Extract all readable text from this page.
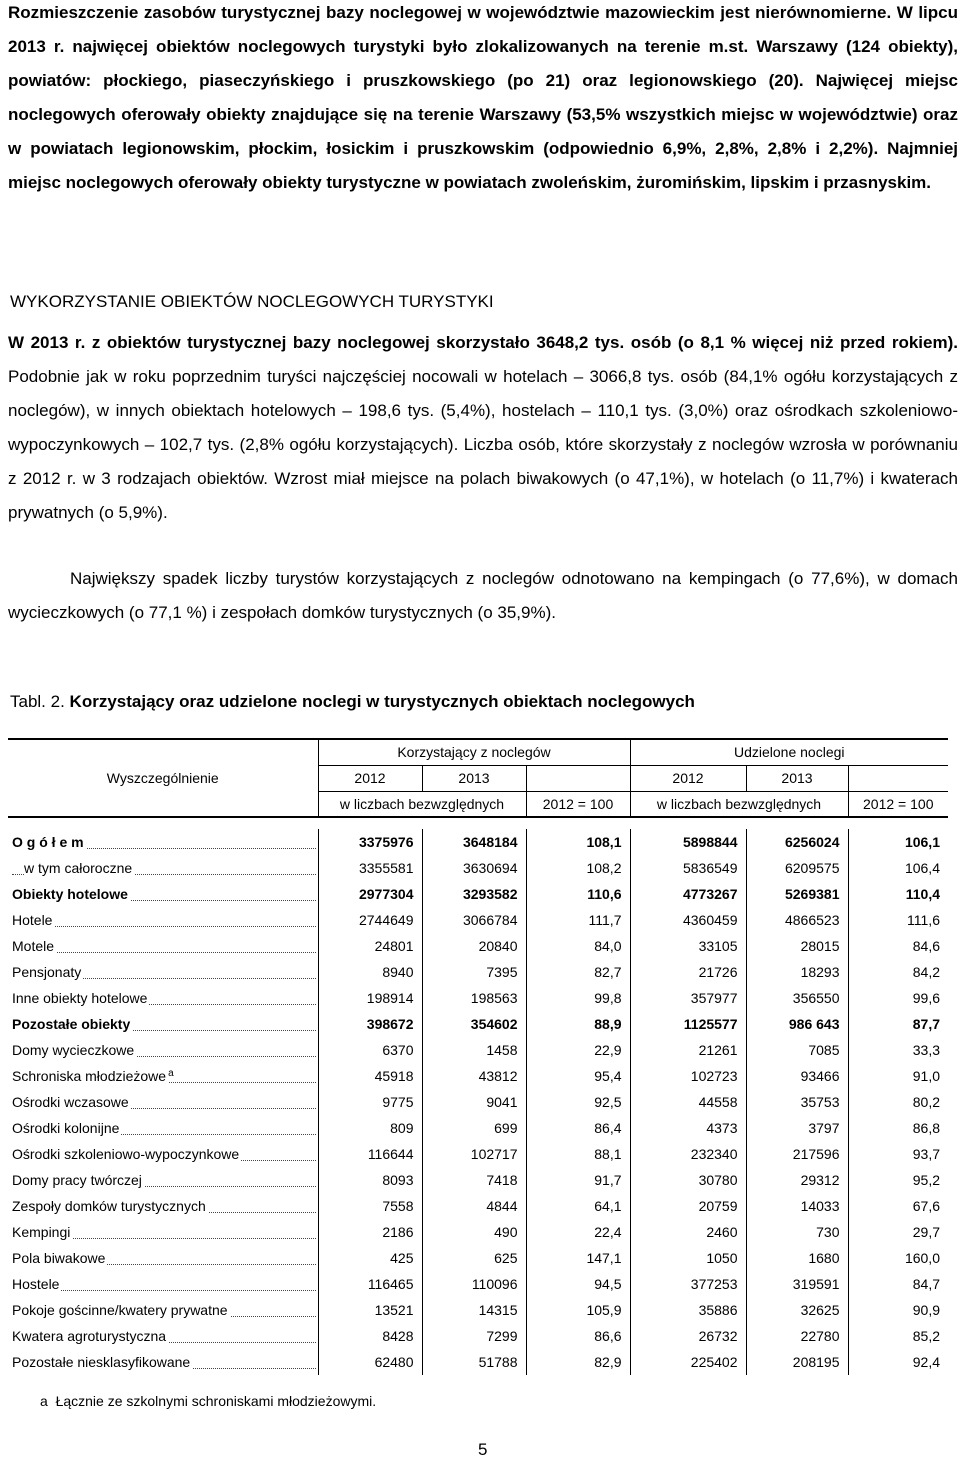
Rozmieszczenie zasobów turystycznej bazy noclegowej w województwie mazowieckim jest nierównomierne. W lipcu 2013 r. najwięcej obiektów noclegowych turystyki było zlokalizowanych na terenie m.st. Warszawy (124 obiekty), powiatów: płockiego, piaseczyńskiego i pruszkowskiego (po 21) oraz legionowskiego (20). Najwięcej miejsc noclegowych oferowały obiekty znajdujące się na terenie Warszawy (53,5% wszystkich miejsc w województwie) oraz w powiatach legionowskim, płockim, łosickim i pruszkowskim (odpowiednio 6,9%, 2,8%, 2,8% i 2,2%). Najmniej miejsc noclegowych oferowały obiekty turystyczne w powiatach zwoleńskim, żuromińskim, lipskim i przasnyskim.
WYKORZYSTANIE OBIEKTÓW NOCLEGOWYCH TURYSTYKI
W 2013 r. z obiektów turystycznej bazy noclegowej skorzystało 3648,2 tys. osób (o 8,1 % więcej niż przed rokiem). Podobnie jak w roku poprzednim turyści najczęściej nocowali w hotelach – 3066,8 tys. osób (84,1% ogółu korzystających z noclegów), w innych obiektach hotelowych – 198,6 tys. (5,4%), hostelach – 110,1 tys. (3,0%) oraz ośrodkach szkoleniowo-wypoczynkowych – 102,7 tys. (2,8% ogółu korzystających). Liczba osób, które skorzystały z noclegów wzrosła w porównaniu z 2012 r. w 3 rodzajach obiektów. Wzrost miał miejsce na polach biwakowych (o 47,1%), w hotelach (o 11,7%) i kwaterach prywatnych (o 5,9%).
Największy spadek liczby turystów korzystających z noclegów odnotowano na kempingach (o 77,6%), w domach wycieczkowych (o 77,1 %) i zespołach domków turystycznych (o 35,9%).
Tabl. 2. Korzystający oraz udzielone noclegi w turystycznych obiektach noclegowych
Wyszczególnienie	Korzystający z noclegów			Udzielone noclegi		
	2012	2013		2012	2013	
	w liczbach bezwzględnych		2012 = 100	w liczbach bezwzględnych		2012 = 100

O g ó ł e m	3375976	3648184	108,1	5898844	6256024	106,1

w tym całoroczne	3355581	3630694	108,2	5836549	6209575	106,4

Obiekty hotelowe	2977304	3293582	110,6	4773267	5269381	110,4

Hotele	2744649	3066784	111,7	4360459	4866523	111,6

Motele	24801	20840	84,0	33105	28015	84,6

Pensjonaty	8940	7395	82,7	21726	18293	84,2

Inne obiekty hotelowe	198914	198563	99,8	357977	356550	99,6

Pozostałe obiekty	398672	354602	88,9	1125577	986 643	87,7

Domy wycieczkowe	6370	1458	22,9	21261	7085	33,3

Schroniska młodzieżowe $^a$	45918	43812	95,4	102723	93466	91,0

Ośrodki wczasowe	9775	9041	92,5	44558	35753	80,2

Ośrodki kolonijne	809	699	86,4	4373	3797	86,8

Ośrodki szkoleniowo-wypoczynkowe	116644	102717	88,1	232340	217596	93,7

Domy pracy twórczej	8093	7418	91,7	30780	29312	95,2

Zespoły domków turystycznych	7558	4844	64,1	20759	14033	67,6

Kempingi	2186	490	22,4	2460	730	29,7

Pola biwakowe	425	625	147,1	1050	1680	160,0

Hostele	116465	110096	94,5	377253	319591	84,7

Pokoje gościnne/kwatery prywatne	13521	14315	105,9	35886	32625	90,9

Kwatera agroturystyczna	8428	7299	86,6	26732	22780	85,2

Pozostałe niesklasyfikowane	62480	51788	82,9	225402	208195	92,4
a Łącznie ze szkolnymi schroniskami młodzieżowymi.
5
